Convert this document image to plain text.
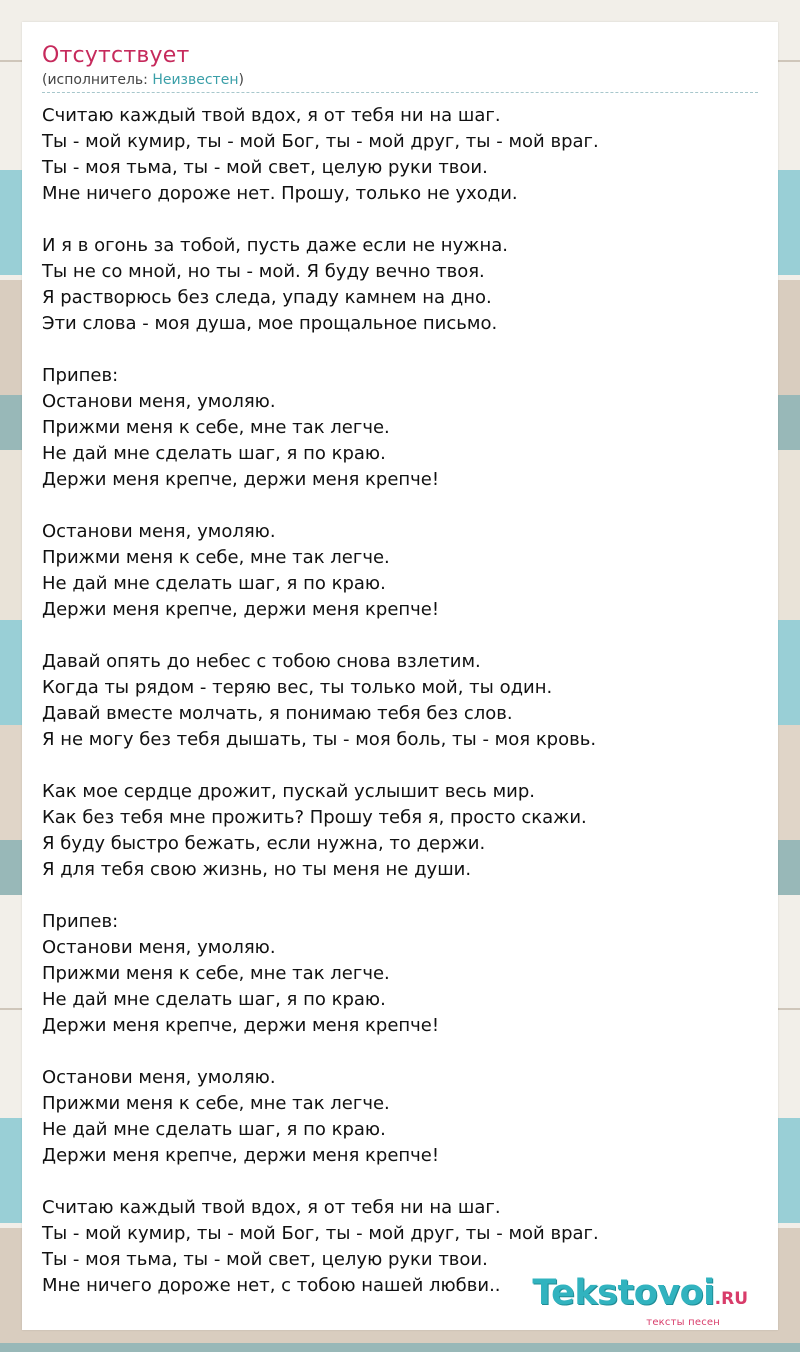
Отсутствует
(исполнитель: Неизвестен)
Считаю каждый твой вдох, я от тебя ни на шаг.
Ты - мой кумир, ты - мой Бог, ты - мой друг, ты - мой враг.
Ты - моя тьма, ты - мой свет, целую руки твои.
Мне ничего дороже нет. Прошу, только не уходи.

И я в огонь за тобой, пусть даже если не нужна.
Ты не со мной, но ты - мой. Я буду вечно твоя.
Я растворюсь без следа, упаду камнем на дно.
Эти слова - моя душа, мое прощальное письмо.

Припев:
Останови меня, умоляю.
Прижми меня к себе, мне так легче.
Не дай мне сделать шаг, я по краю.
Держи меня крепче, держи меня крепче!

Останови меня, умоляю.
Прижми меня к себе, мне так легче.
Не дай мне сделать шаг, я по краю.
Держи меня крепче, держи меня крепче!

Давай опять до небес с тобою снова взлетим.
Когда ты рядом - теряю вес, ты только мой, ты один.
Давай вместе молчать, я понимаю тебя без слов.
Я не могу без тебя дышать, ты - моя боль, ты - моя кровь.

Как мое сердце дрожит, пускай услышит весь мир.
Как без тебя мне прожить? Прошу тебя я, просто скажи.
Я буду быстро бежать, если нужна, то держи.
Я для тебя свою жизнь, но ты меня не души.

Припев:
Останови меня, умоляю.
Прижми меня к себе, мне так легче.
Не дай мне сделать шаг, я по краю.
Держи меня крепче, держи меня крепче!

Останови меня, умоляю.
Прижми меня к себе, мне так легче.
Не дай мне сделать шаг, я по краю.
Держи меня крепче, держи меня крепче!

Считаю каждый твой вдох, я от тебя ни на шаг.
Ты - мой кумир, ты - мой Бог, ты - мой друг, ты - мой враг.
Ты - моя тьма, ты - мой свет, целую руки твои.
Мне ничего дороже нет, с тобою нашей любви.. Tekstovoi.RU
тексты песен
